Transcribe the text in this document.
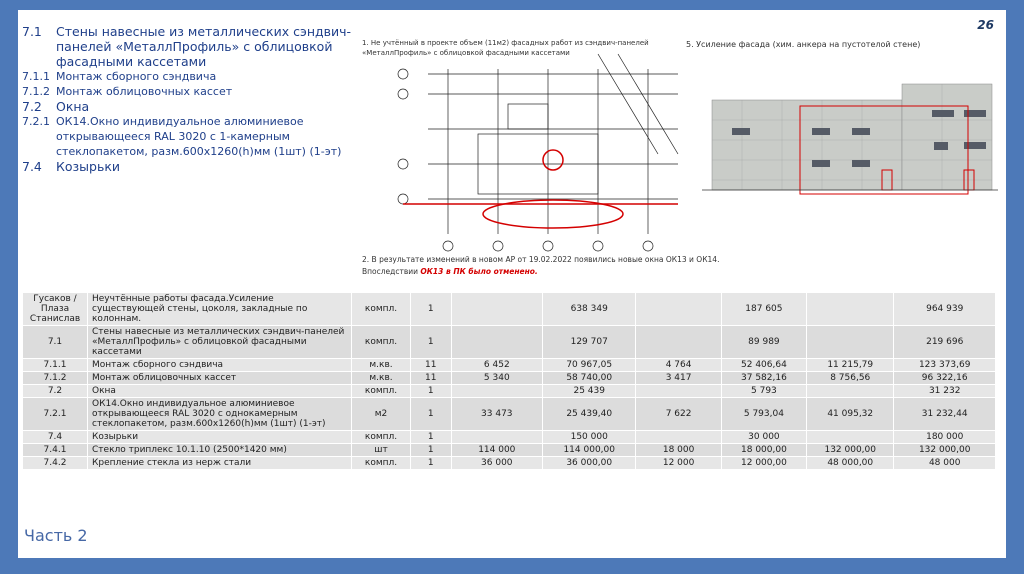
26
7.1	Стены навесные из металлических сэндвич-панелей «МеталлПрофиль» с облицовкой фасадными кассетами
7.1.1 Монтаж сборного сэндвича
7.1.2 Монтаж облицовочных кассет
7.2	Окна
7.2.1 ОК14.Окно индивидуальное алюминиевое открывающееся RAL 3020 с 1-камерным стеклопакетом, разм.600х1260(h)мм (1шт) (1-эт)
7.4	Козырьки
1. Не учтённый в проекте объем (11м2) фасадных работ из сэндвич-панелей «МеталлПрофиль» с облицовкой фасадными кассетами
5. Усиление фасада (хим. анкера на пустотелой стене)
2. В результате изменений в новом АР от 19.02.2022 появились новые окна ОК13 и ОК14.
Впоследствии ОК13 в ПК было отменено.
Гусаков /Плаза Станислав	Неучтённые работы фасада.Усиление существующей стены, цоколя, закладные по колоннам.	компл.	1		638 349		187 605		964 939
7.1	Стены навесные из металлических сэндвич-панелей «МеталлПрофиль» с облицовкой фасадными кассетами	компл.	1		129 707		89 989		219 696
7.1.1	Монтаж сборного сэндвича	м.кв.	11	6 452	70 967,05	4 764	52 406,64	11 215,79	123 373,69
7.1.2	Монтаж облицовочных кассет	м.кв.	11	5 340	58 740,00	3 417	37 582,16	8 756,56	96 322,16
7.2	Окна	компл.	1		25 439		5 793		31 232
7.2.1	ОК14.Окно индивидуальное алюминиевое открывающееся RAL 3020 с однокамерным стеклопакетом, разм.600х1260(h)мм (1шт) (1-эт)	м2	1	33 473	25 439,40	7 622	5 793,04	41 095,32	31 232,44
7.4	Козырьки	компл.	1		150 000		30 000		180 000
7.4.1	Стекло триплекс 10.1.10 (2500*1420 мм)	шт	1	114 000	114 000,00	18 000	18 000,00	132 000,00	132 000,00
7.4.2	Крепление стекла из нерж стали	компл.	1	36 000	36 000,00	12 000	12 000,00	48 000,00	48 000
Часть 2
